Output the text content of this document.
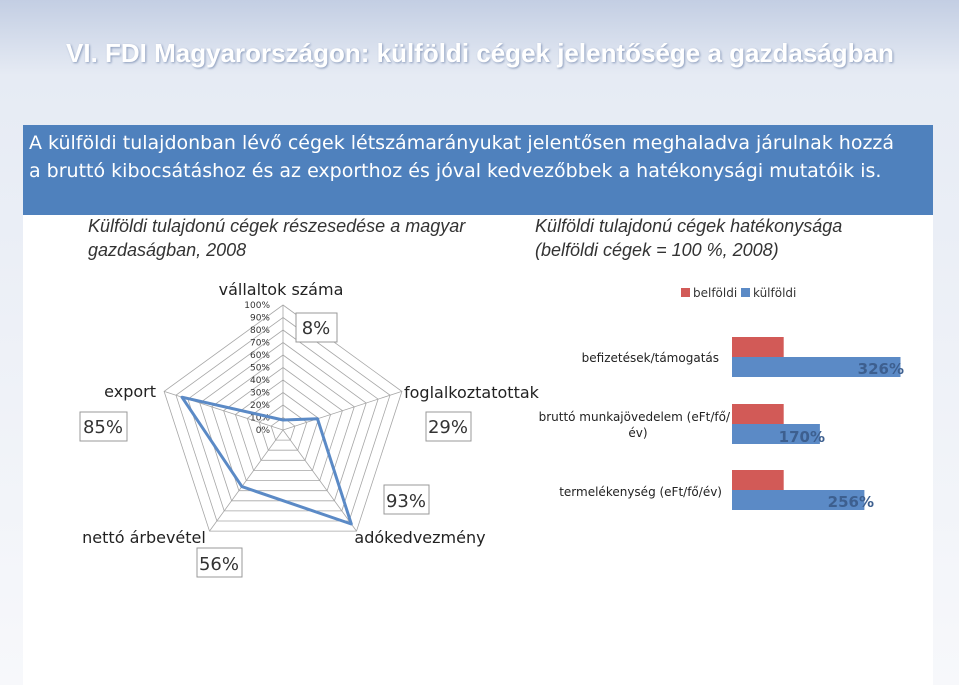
VI. FDI Magyarországon: külföldi cégek jelentősége a gazdaságban

A külföldi tulajdonban lévő cégek létszámarányukat jelentősen meghaladva járulnak hozzá a bruttó kibocsátáshoz és az exporthoz és jóval kedvezőbbek a hatékonysági mutatóik is.

Külföldi tulajdonú cégek részesedése a magyar
gazdaságban, 2008
Külföldi tulajdonú cégek hatékonysága
(belföldi cégek = 100 %, 2008)
0%
10%
20%
30%
40%
50%
60%
70%
80%
90%
100%
vállaltok száma
foglalkoztatottak
adókedvezmény
nettó árbevétel
export
8%
29%
93%
56%
85%
belföldi külföldi
befizetések/támogatás
bruttó munkajövedelem (eFt/fő/
év)
termelékenység (eFt/fő/év)
326%
170%
256%
